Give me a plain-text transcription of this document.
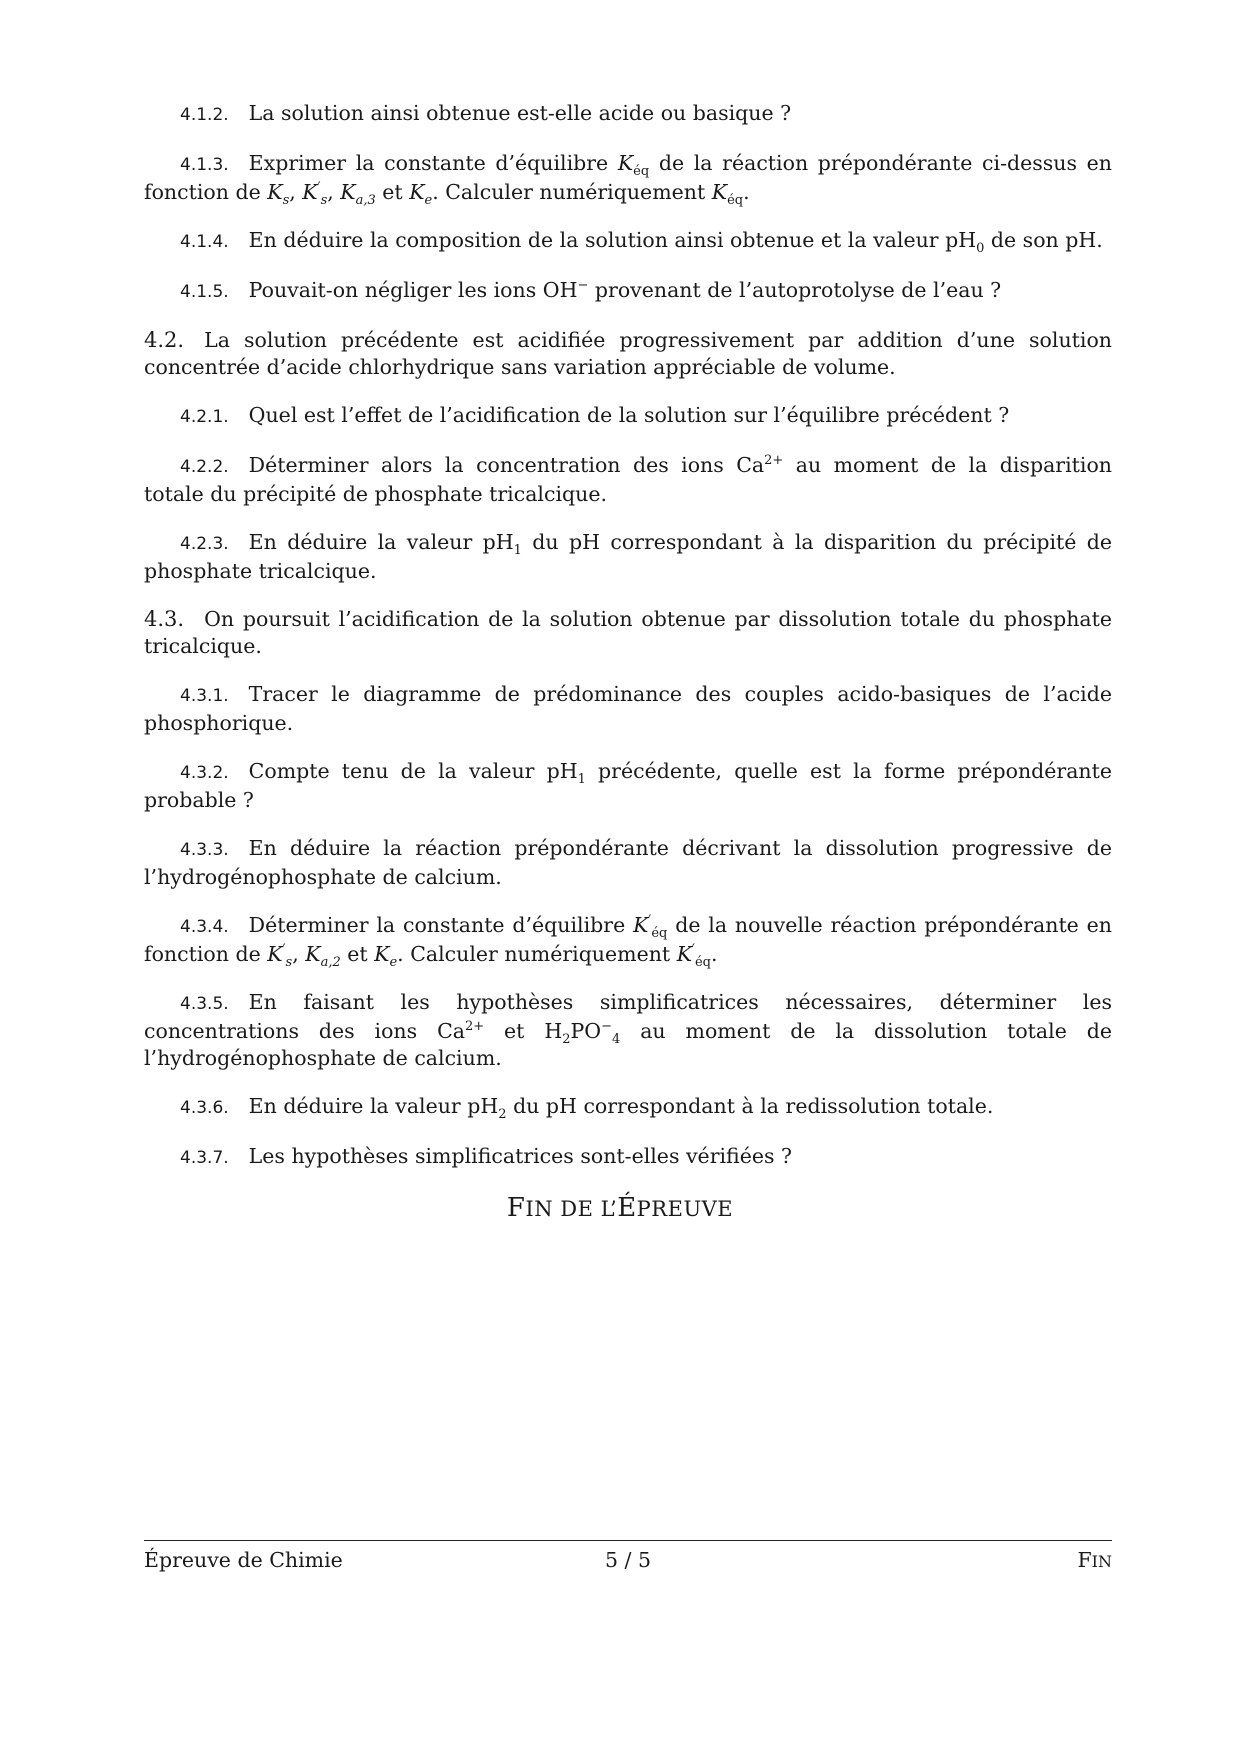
4.1.2. La solution ainsi obtenue est-elle acide ou basique ?

4.1.3. Exprimer la constante d’équilibre $K_{éq}$ de la réaction prépondérante ci-dessus en fonction de $K_s$, $K'_s$, $K_{a,3}$ et $K_e$. Calculer numériquement $K_{éq}$.

4.1.4. En déduire la composition de la solution ainsi obtenue et la valeur $pH_0$ de son pH.

4.1.5. Pouvait-on négliger les ions OH− provenant de l’autoprotolyse de l’eau ?

4.2. La solution précédente est acidifiée progressivement par addition d’une solution concentrée d’acide chlorhydrique sans variation appréciable de volume.

4.2.1. Quel est l’effet de l’acidification de la solution sur l’équilibre précédent ?

4.2.2. Déterminer alors la concentration des ions $Ca^{2+}$ au moment de la disparition totale du précipité de phosphate tricalcique.

4.2.3. En déduire la valeur $pH_1$ du pH correspondant à la disparition du précipité de phosphate tricalcique.

4.3. On poursuit l’acidification de la solution obtenue par dissolution totale du phosphate tricalcique.

4.3.1. Tracer le diagramme de prédominance des couples acido-basiques de l’acide phosphorique.

4.3.2. Compte tenu de la valeur $pH_1$ précédente, quelle est la forme prépondérante probable ?

4.3.3. En déduire la réaction prépondérante décrivant la dissolution progressive de l’hydrogénophosphate de calcium.

4.3.4. Déterminer la constante d’équilibre $K'_{éq}$ de la nouvelle réaction prépondérante en fonction de $K'_s$, $K_{a,2}$ et $K_e$. Calculer numériquement $K'_{éq}$.

4.3.5. En faisant les hypothèses simplificatrices nécessaires, déterminer les concentrations des ions $Ca^{2+}$ et $H_2PO^-_4$ au moment de la dissolution totale de l’hydrogénophosphate de calcium.

4.3.6. En déduire la valeur $pH_2$ du pH correspondant à la redissolution totale.

4.3.7. Les hypothèses simplificatrices sont-elles vérifiées ?

FIN DE L’ÉPREUVE
Épreuve de Chimie	5 / 5	FIN
